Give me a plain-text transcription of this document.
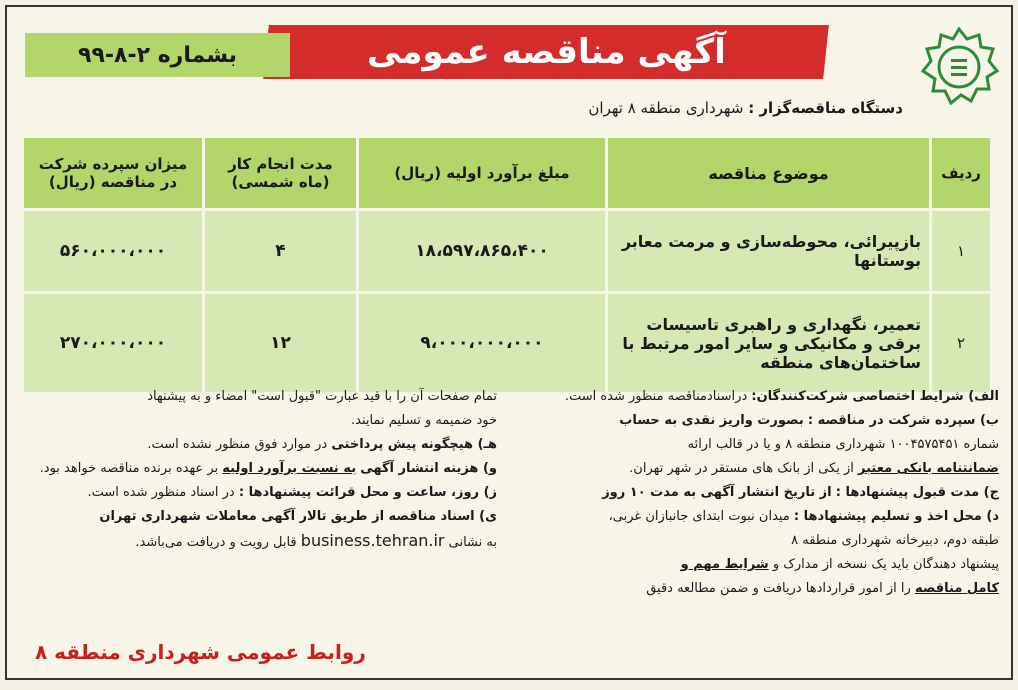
آگهی مناقصه عمومی
بشماره ۲-۸-۹۹
دستگاه مناقصه‌گزار : شهرداری منطقه ۸ تهران
ردیف	موضوع مناقصه	مبلغ برآورد اولیه (ریال)	مدت انجام کار (ماه شمسی)	میزان سپرده شرکت در مناقصه (ریال)
۱	بازپیرائی، محوطه‌سازی و مرمت معابر بوستانها	۱۸،۵۹۷،۸۶۵،۴۰۰	۴	۵۶۰،۰۰۰،۰۰۰
۲	تعمیر، نگهداری و راهبری تاسیسات برقی و مکانیکی و سایر امور مرتبط با ساختمان‌های منطقه	۹،۰۰۰،۰۰۰،۰۰۰	۱۲	۲۷۰،۰۰۰،۰۰۰

الف) شرایط اختصاصی شرکت‌کنندگان: دراسنادمناقصه منظور شده است.

ب) سپرده شرکت در مناقصه : بصورت واریز نقدی به حساب

شماره ۱۰۰۴۵۷۵۴۵۱ شهرداری منطقه ۸ و یا در قالب ارائه

ضمانتنامه بانکی معتبر از یکی از بانک های مستقر در شهر تهران.

ج) مدت قبول پیشنهادها : از تاریخ انتشار آگهی به مدت ۱۰ روز

د) محل اخذ و تسلیم پیشنهادها : میدان نبوت ابتدای جانبازان غربی،

طبقه دوم، دبیرخانه شهرداری منطقه ۸

پیشنهاد دهندگان باید یک نسخه از مدارک و شرایط مهم و

کامل مناقصه را از امور قراردادها دریافت و ضمن مطالعه دقیق

تمام صفحات آن را با قید عبارت "قبول است" امضاء و به پیشنهاد

خود ضمیمه و تسلیم نمایند.

هـ) هیچگونه پیش پرداختی در موارد فوق منظور نشده است.

و) هزینه انتشار آگهی به نسبت برآورد اولیه بر عهده برنده مناقصه خواهد بود.

ز) روز، ساعت و محل قرائت پیشنهادها : در اسناد منظور شده است.

ی) اسناد مناقصه از طریق تالار آگهی معاملات شهرداری تهران

به نشانی business.tehran.ir قابل رویت و دریافت می‌باشد.

روابط عمومی شهرداری منطقه ۸
